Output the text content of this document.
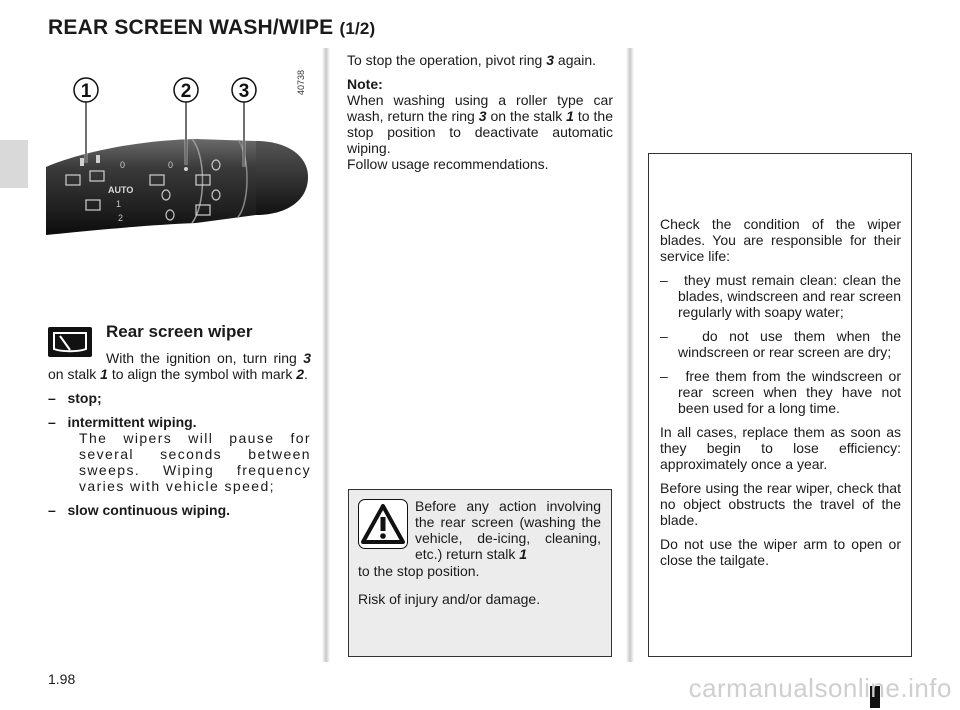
REAR SCREEN WASH/WIPE (1/2)
AUTO
0
1
2
0
1	2 3	40738
Rear screen wiper

With the ignition on, turn ring 3 on stalk 1 to align the symbol with mark 2.

–   stop;

–   intermittent wiping.

The wipers will pause for several seconds between sweeps. Wiping frequency varies with vehicle speed;

–   slow continuous wiping.

To stop the operation, pivot ring 3 again.

Note:

When washing using a roller type car wash, return the ring 3 on the stalk 1 to the stop position to deactivate automatic wiping.

Follow usage recommendations.

Before any action involving the rear screen (washing the vehicle, de-icing, cleaning, etc.) return stalk 1

to the stop position.

Risk of injury and/or damage.

Check the condition of the wiper blades. You are responsible for their service life:

–   they must remain clean: clean the blades, windscreen and rear screen regularly with soapy water;

–   do not use them when the windscreen or rear screen are dry;

–   free them from the windscreen or rear screen when they have not been used for a long time.

In all cases, replace them as soon as they begin to lose efficiency: approximately once a year.

Before using the rear wiper, check that no object obstructs the travel of the blade.

Do not use the wiper arm to open or close the tailgate.

1.98	carmanualsonline.info
